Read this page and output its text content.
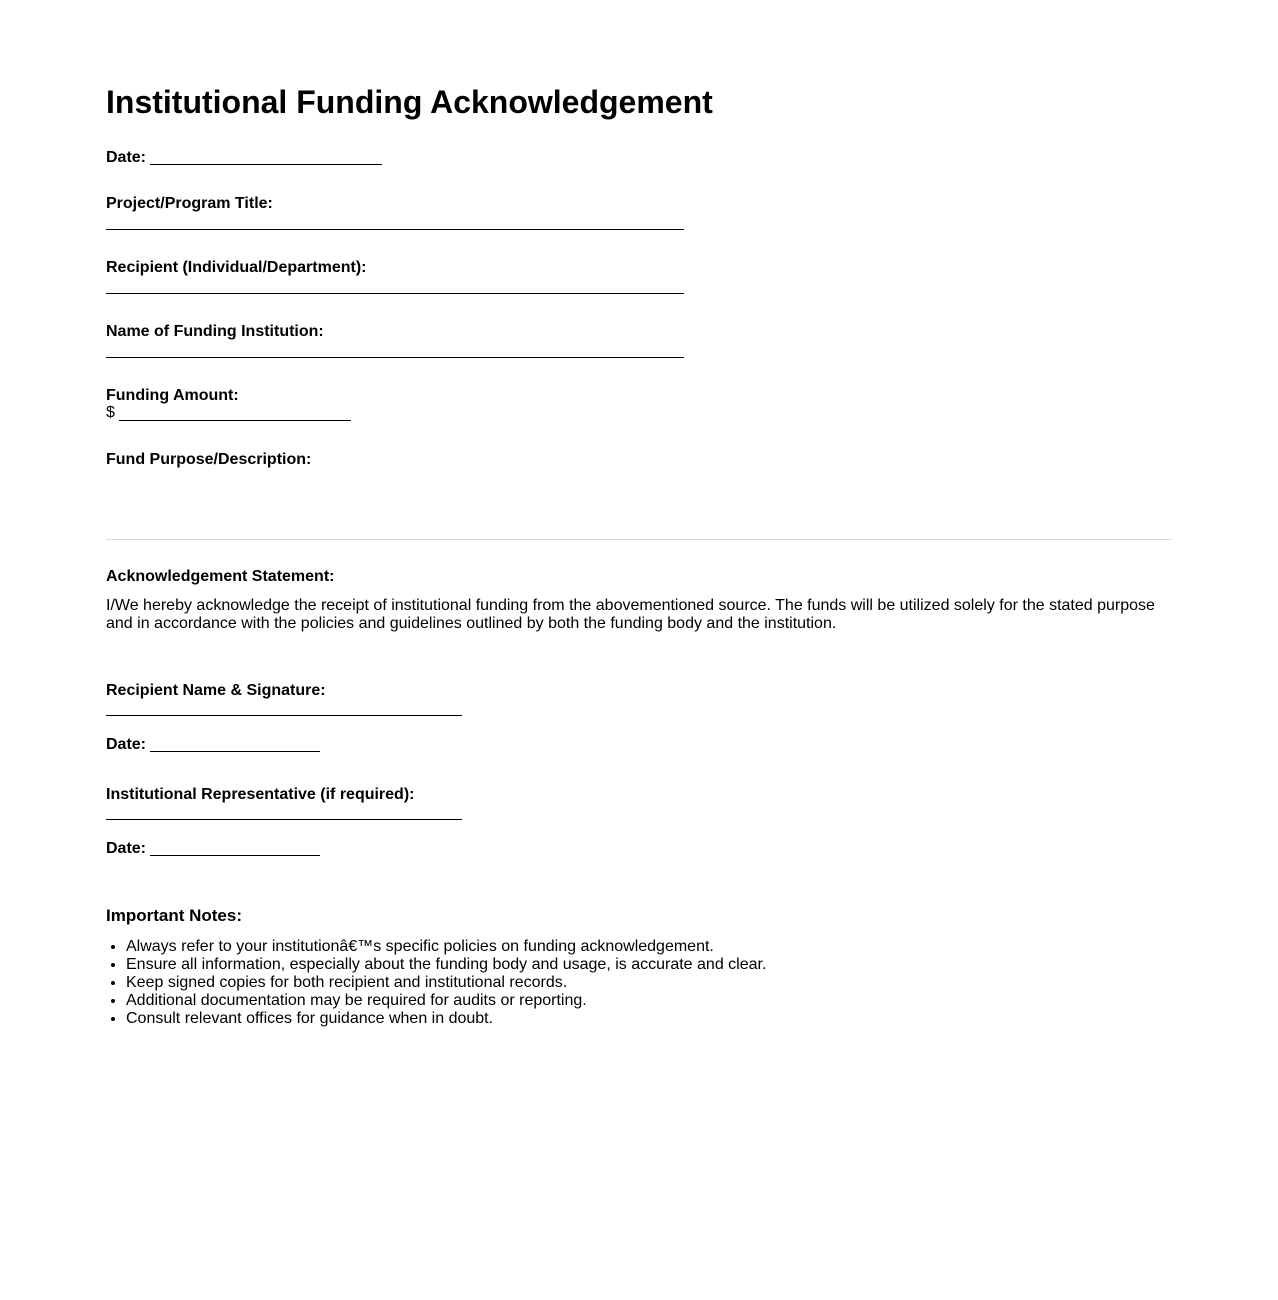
Institutional Funding Acknowledgement
Date:
Project/Program Title:
Recipient (Individual/Department):
Name of Funding Institution:
Funding Amount:
$
Fund Purpose/Description:
Acknowledgement Statement:

I/We hereby acknowledge the receipt of institutional funding from the abovementioned source. The funds will be utilized solely for the stated purpose and in accordance with the policies and guidelines outlined by both the funding body and the institution.

Recipient Name & Signature:
Date:
Institutional Representative (if required):
Date:
Important Notes:
• Always refer to your institutionâ€™s specific policies on funding acknowledgement.
• Ensure all information, especially about the funding body and usage, is accurate and clear.
• Keep signed copies for both recipient and institutional records.
• Additional documentation may be required for audits or reporting.
• Consult relevant offices for guidance when in doubt.
